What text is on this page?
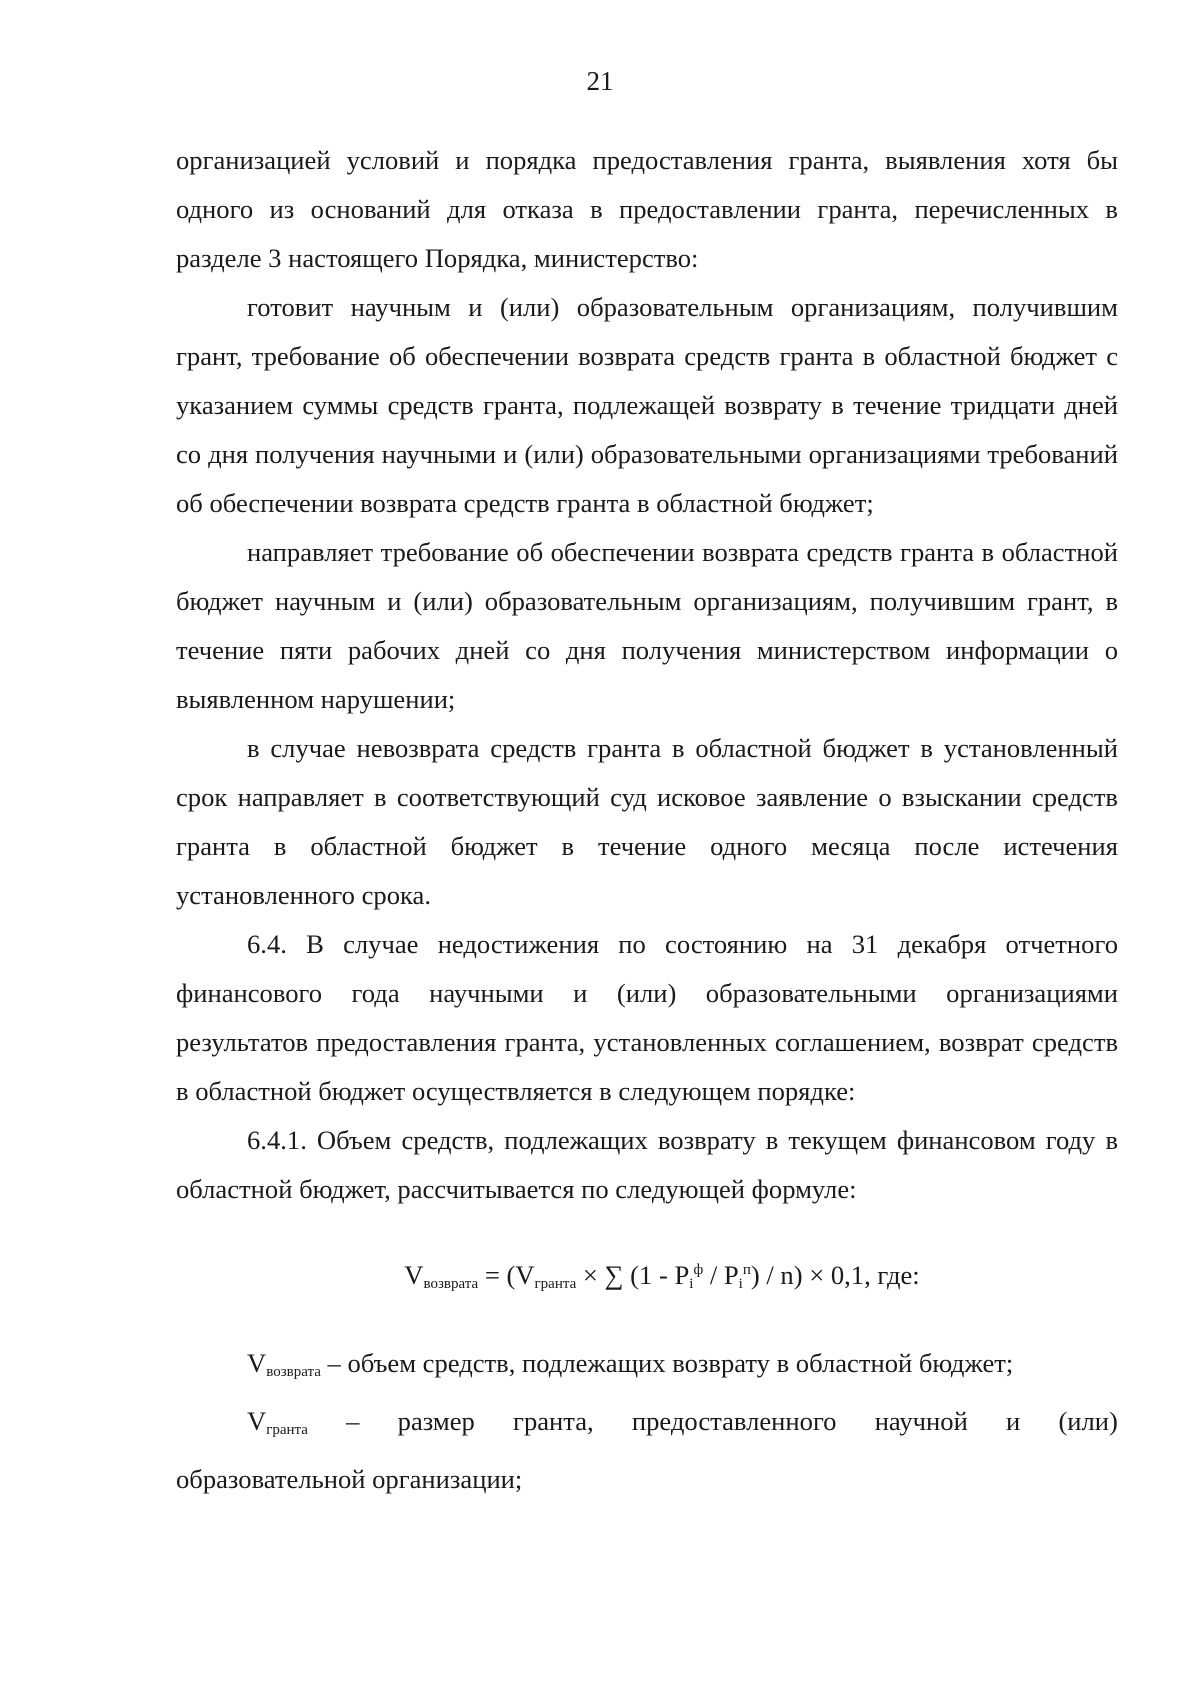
21

организацией условий и порядка предоставления гранта, выявления хотя бы одного из оснований для отказа в предоставлении гранта, перечисленных в разделе 3 настоящего Порядка, министерство:

готовит научным и (или) образовательным организациям, получившим грант, требование об обеспечении возврата средств гранта в областной бюджет с указанием суммы средств гранта, подлежащей возврату в течение тридцати дней со дня получения научными и (или) образовательными организациями требований об обеспечении возврата средств гранта в областной бюджет;

направляет требование об обеспечении возврата средств гранта в областной бюджет научным и (или) образовательным организациям, получившим грант, в течение пяти рабочих дней со дня получения министерством информации о выявленном нарушении;

в случае невозврата средств гранта в областной бюджет в установленный срок направляет в соответствующий суд исковое заявление о взыскании средств гранта в областной бюджет в течение одного месяца после истечения установленного срока.

6.4. В случае недостижения по состоянию на 31 декабря отчетного финансового года научными и (или) образовательными организациями результатов предоставления гранта, установленных соглашением, возврат средств в областной бюджет осуществляется в следующем порядке:

6.4.1. Объем средств, подлежащих возврату в текущем финансовом году в областной бюджет, рассчитывается по следующей формуле:

$V_{возврата} = (V_{гранта}$ × ∑ $(1 - P_i^ф / P_i^п) / n) \times 0,1$, где:

$V_{возврата}$ – объем средств, подлежащих возврату в областной бюджет;

$V_{гранта}$ – размер гранта, предоставленного научной и (или)

образовательной организации;
